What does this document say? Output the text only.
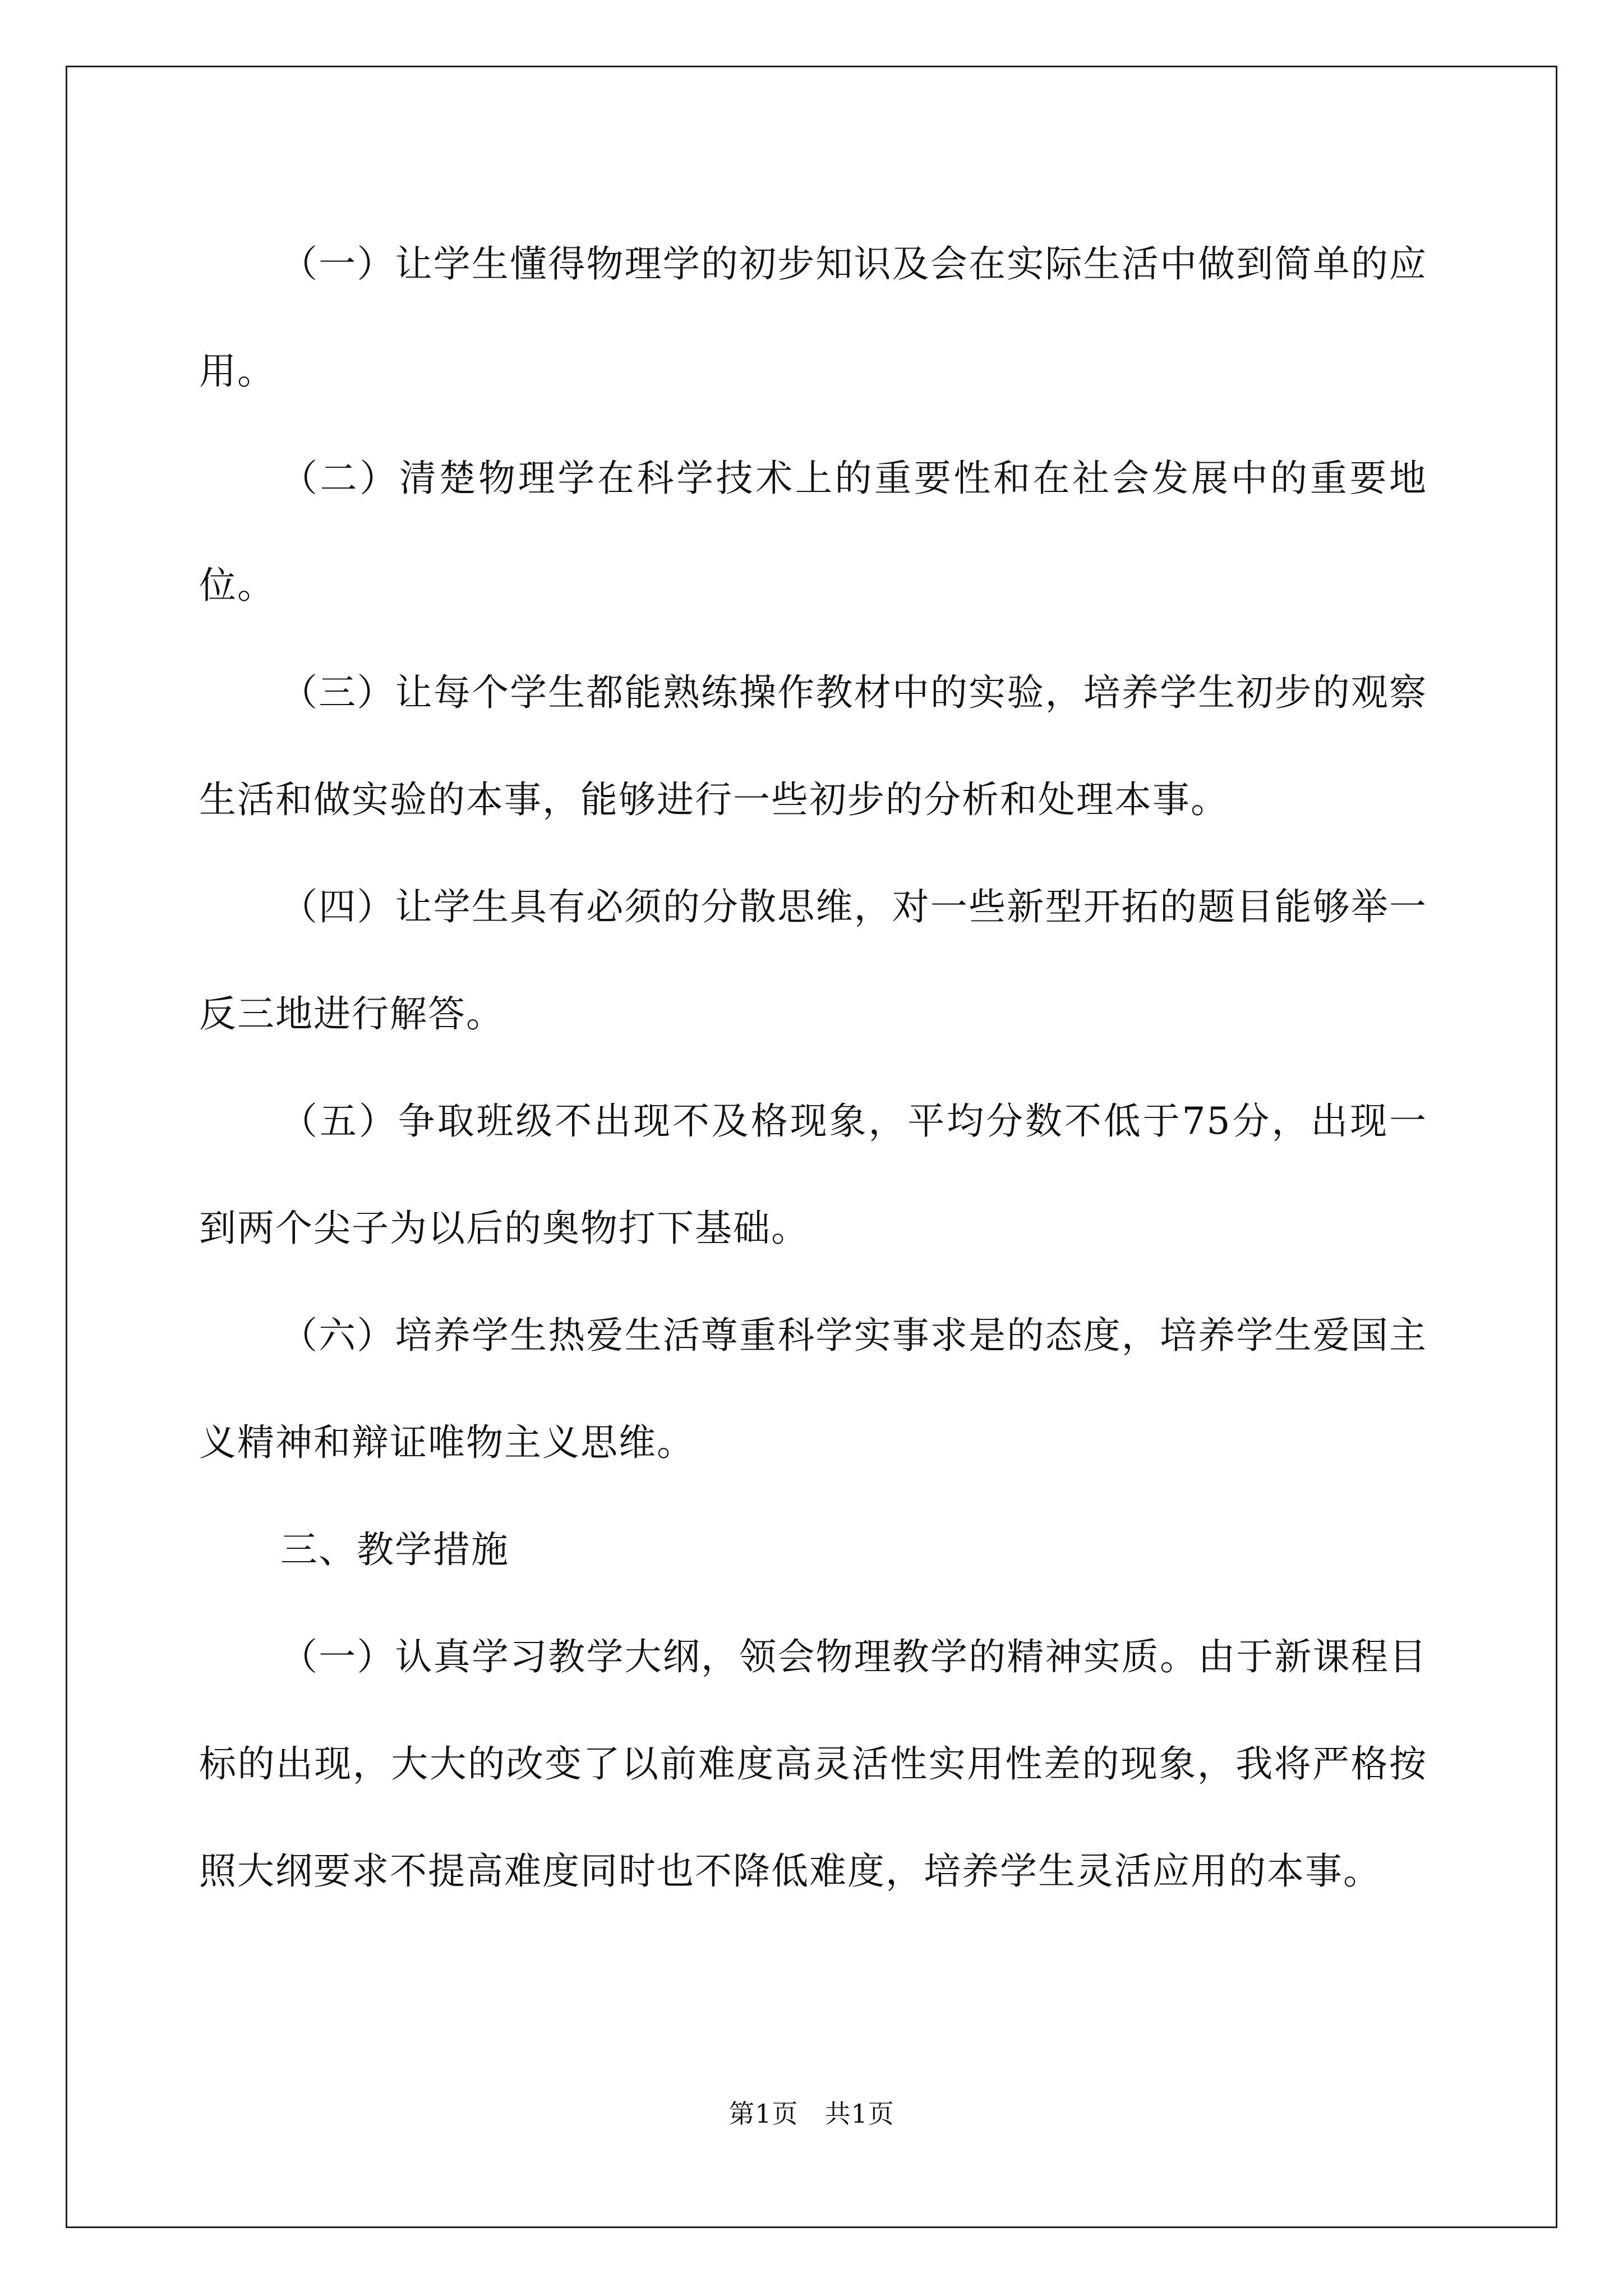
（一）让学生懂得物理学的初步知识及会在实际生活中做到简单的应用。

（二）清楚物理学在科学技术上的重要性和在社会发展中的重要地位。

（三）让每个学生都能熟练操作教材中的实验，培养学生初步的观察生活和做实验的本事，能够进行一些初步的分析和处理本事。

（四）让学生具有必须的分散思维，对一些新型开拓的题目能够举一反三地进行解答。

（五）争取班级不出现不及格现象，平均分数不低于75分，出现一到两个尖子为以后的奥物打下基础。

（六）培养学生热爱生活尊重科学实事求是的态度，培养学生爱国主义精神和辩证唯物主义思维。

三、教学措施

（一）认真学习教学大纲，领会物理教学的精神实质。由于新课程目标的出现，大大的改变了以前难度高灵活性实用性差的现象，我将严格按照大纲要求不提高难度同时也不降低难度，培养学生灵活应用的本事。

第1页 共1页
